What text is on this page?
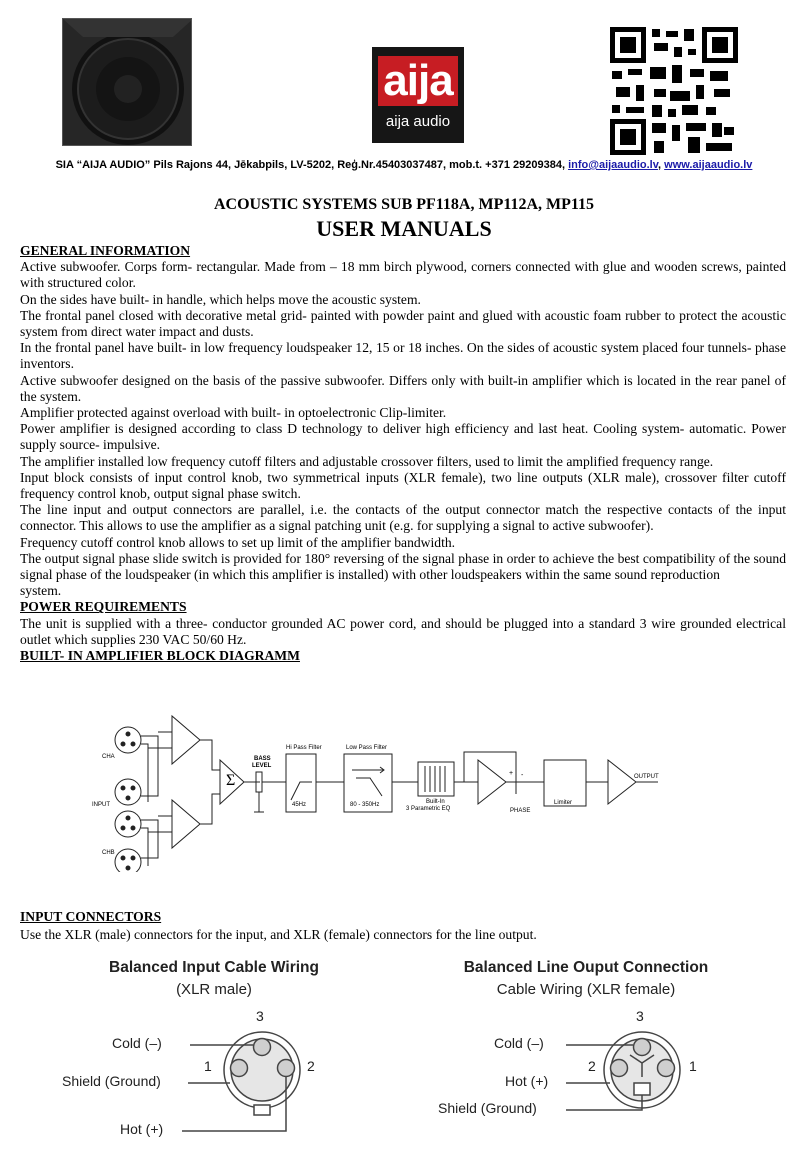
aija
aija audio
SIA “AIJA AUDIO” Pils Rajons 44, Jēkabpils, LV-5202, Reģ.Nr.45403037487, mob.t. +371 29209384, info@aijaaudio.lv, www.aijaaudio.lv
ACOUSTIC SYSTEMS SUB PF118A, MP112A, MP115
USER MANUALS
GENERAL INFORMATION

Active subwoofer. Corps form- rectangular. Made from – 18 mm birch plywood, corners connected with glue and wooden screws, painted with structured color.

On the sides have built- in handle, which helps move the acoustic system.

The frontal panel closed with decorative metal grid- painted with powder paint and glued with acoustic foam rubber to protect the acoustic system from direct water impact and dusts.

In the frontal panel have built- in low frequency loudspeaker 12, 15 or 18 inches. On the sides of acoustic system placed four tunnels- phase inventors.

Active subwoofer designed on the basis of the passive subwoofer. Differs only with built-in amplifier which is located in the rear panel of the system.

Amplifier protected against overload with built- in optoelectronic Clip-limiter.

Power amplifier is designed according to class D technology to deliver high efficiency and last heat. Cooling system- automatic. Power supply source- impulsive.

The amplifier installed low frequency cutoff filters and adjustable crossover filters, used to limit the amplified frequency range.

Input block consists of input control knob, two symmetrical inputs (XLR female), two line outputs (XLR male), crossover filter cutoff frequency control knob, output signal phase switch.

The line input and output connectors are parallel, i.e. the contacts of the output connector match the respective contacts of the input connector. This allows to use the amplifier as a signal patching unit (e.g. for supplying a signal to active subwoofer).

Frequency cutoff control knob allows to set up limit of the amplifier bandwidth.

The output signal phase slide switch is provided for 180° reversing of the signal phase in order to achieve the best compatibility of the sound signal phase of the loudspeaker (in which this amplifier is installed) with other loudspeakers within the same sound reproduction

system.

POWER REQUIREMENTS

The unit is supplied with a three- conductor grounded AC power cord, and should be plugged into a standard 3 wire grounded electrical outlet which supplies 230 VAC 50/60 Hz.

BUILT- IN AMPLIFIER BLOCK DIAGRAMM
CHA
INPUT
CHB
Σ
BASS
LEVEL
Hi Pass Filter
45Hz
Low Pass Filter
80 - 350Hz	Built-In
3 Parametric EQ
+ -
PHASE
Limiter
OUTPUT
INPUT CONNECTORS
Use the XLR (male) connectors for the input, and XLR (female) connectors for the line output.
Balanced Input Cable Wiring
(XLR male)
Balanced Line Ouput Connection
Cable Wiring (XLR female)
Cold (–)
Shield (Ground)
Hot (+)
3
1	2
Cold (–)
Hot (+)
Shield (Ground)
3
2	1
